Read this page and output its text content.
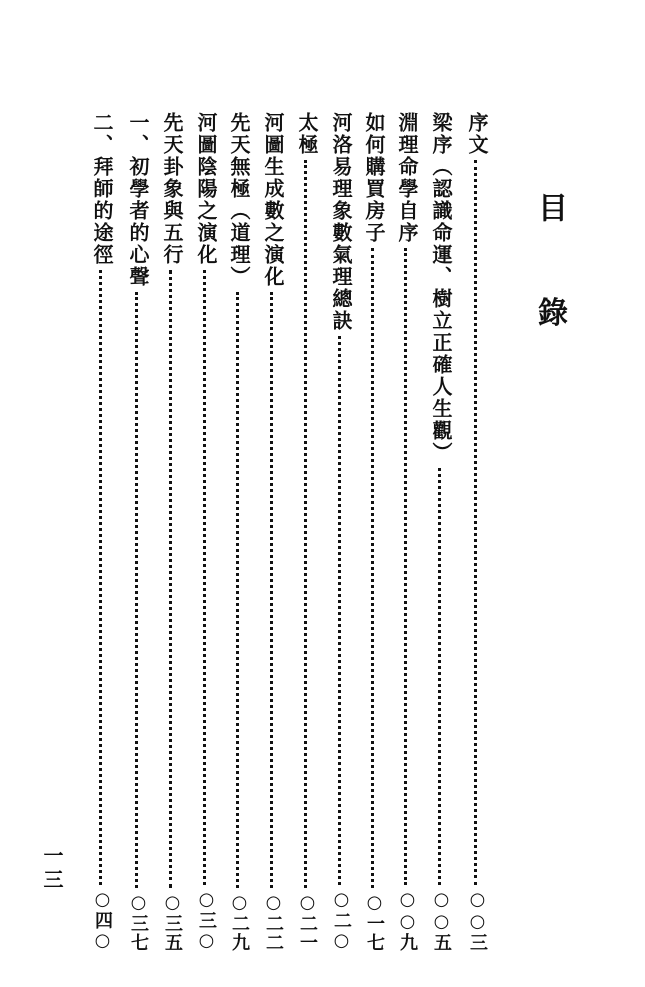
目 錄
序文
○○三
梁序（認識命運、樹立正確人生觀）
○○五
淵理命學自序
○○九
如何購買房子
○一七
河洛易理象數氣理總訣
○二○
太極
○二一
河圖生成數之演化
○二二
先天無極（道理）
○二九
河圖陰陽之演化
○三○
先天卦象與五行
○三五
一、初學者的心聲
○三七
二、拜師的途徑
○四○
一三
